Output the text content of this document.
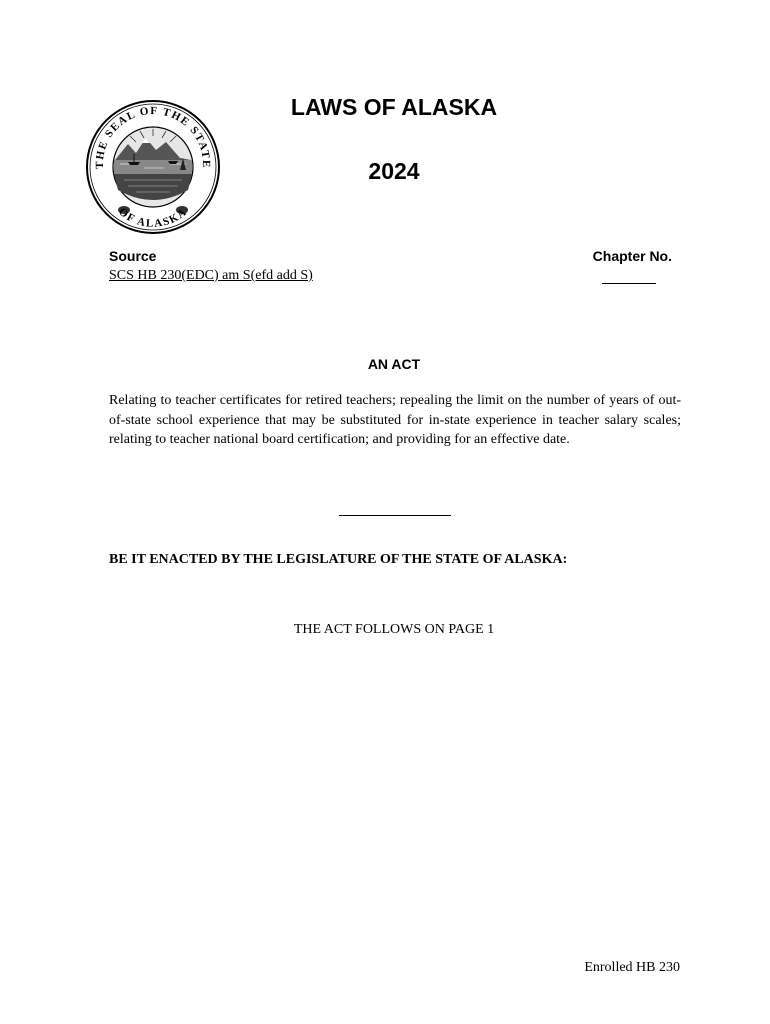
THE SEAL OF THE STATE
OF ALASKA
LAWS OF ALASKA
2024
Source	Chapter No.
SCS HB 230(EDC) am S(efd add S)
AN ACT

Relating to teacher certificates for retired teachers; repealing the limit on the number of years of out-of-state school experience that may be substituted for in-state experience in teacher salary scales; relating to teacher national board certification; and providing for an effective date.

BE IT ENACTED BY THE LEGISLATURE OF THE STATE OF ALASKA:
THE ACT FOLLOWS ON PAGE 1
Enrolled HB 230
